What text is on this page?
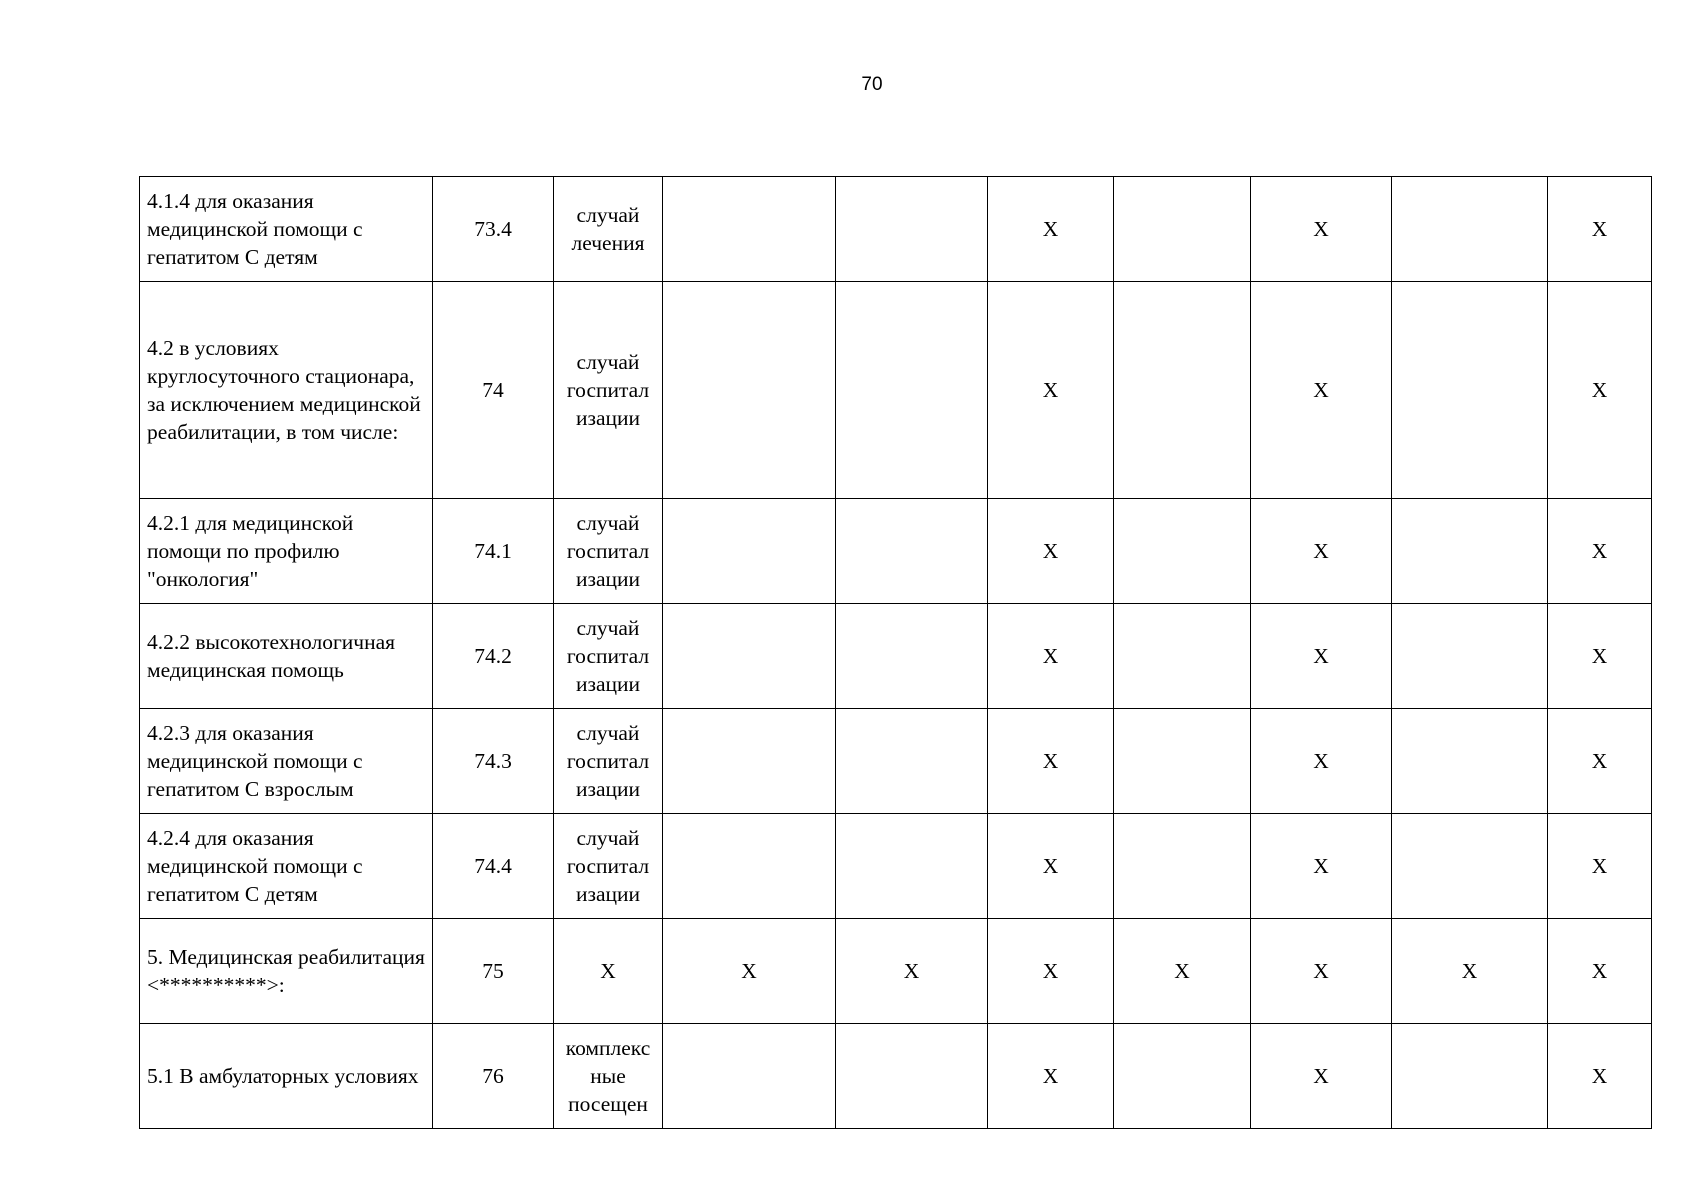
70
4.1.4 для оказания медицинской помощи с гепатитом С детям	73.4	случай
лечения			X		X		X
4.2 в условиях круглосуточного стационара, за исключением медицинской реабилитации, в том числе:	74	случай
госпитал
изации			X		X		X
4.2.1 для медицинской помощи по профилю "онкология"	74.1	случай
госпитал
изации			X		X		X
4.2.2 высокотехнологичная медицинская помощь	74.2	случай
госпитал
изации			X		X		X
4.2.3 для оказания медицинской помощи с гепатитом С взрослым	74.3	случай
госпитал
изации			X		X		X
4.2.4 для оказания медицинской помощи с гепатитом С детям	74.4	случай
госпитал
изации			X		X		X
5. Медицинская реабилитация <**********>:	75	X	X	X	X	X	X	X	X
5.1 В амбулаторных условиях	76	комплекс
ные
посещен			X		X		X
